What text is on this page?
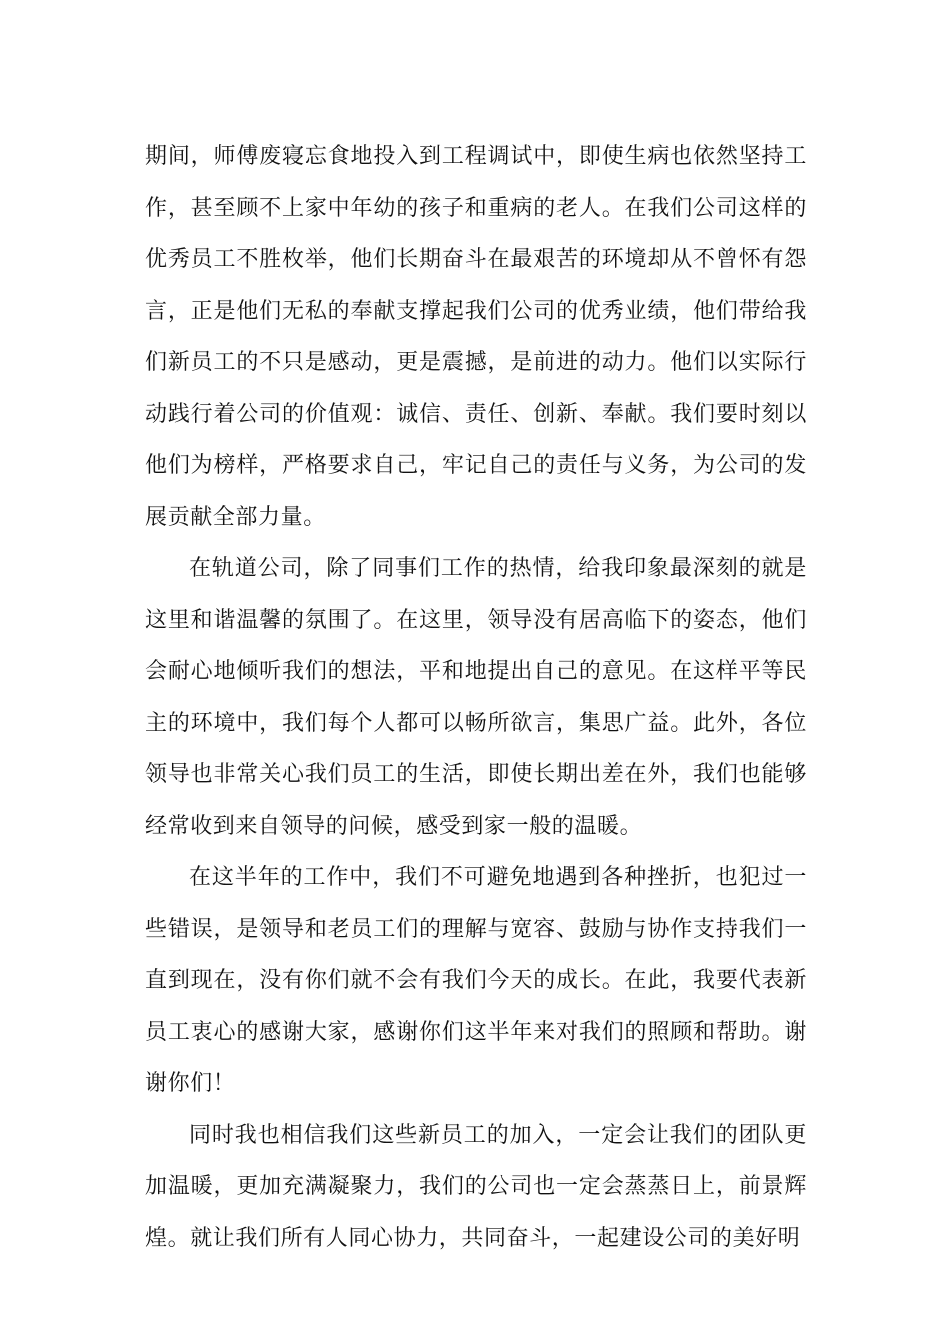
期间，师傅废寝忘食地投入到工程调试中，即使生病也依然坚持工作，甚至顾不上家中年幼的孩子和重病的老人。在我们公司这样的优秀员工不胜枚举，他们长期奋斗在最艰苦的环境却从不曾怀有怨言，正是他们无私的奉献支撑起我们公司的优秀业绩，他们带给我们新员工的不只是感动，更是震撼，是前进的动力。他们以实际行动践行着公司的价值观：诚信、责任、创新、奉献。我们要时刻以他们为榜样，严格要求自己，牢记自己的责任与义务，为公司的发展贡献全部力量。

在轨道公司，除了同事们工作的热情，给我印象最深刻的就是这里和谐温馨的氛围了。在这里，领导没有居高临下的姿态，他们会耐心地倾听我们的想法，平和地提出自己的意见。在这样平等民主的环境中，我们每个人都可以畅所欲言，集思广益。此外，各位领导也非常关心我们员工的生活，即使长期出差在外，我们也能够经常收到来自领导的问候，感受到家一般的温暖。

在这半年的工作中，我们不可避免地遇到各种挫折，也犯过一些错误，是领导和老员工们的理解与宽容、鼓励与协作支持我们一直到现在，没有你们就不会有我们今天的成长。在此，我要代表新员工衷心的感谢大家，感谢你们这半年来对我们的照顾和帮助。谢谢你们！

同时我也相信我们这些新员工的加入，一定会让我们的团队更加温暖，更加充满凝聚力，我们的公司也一定会蒸蒸日上，前景辉煌。就让我们所有人同心协力，共同奋斗，一起建设公司的美好明
